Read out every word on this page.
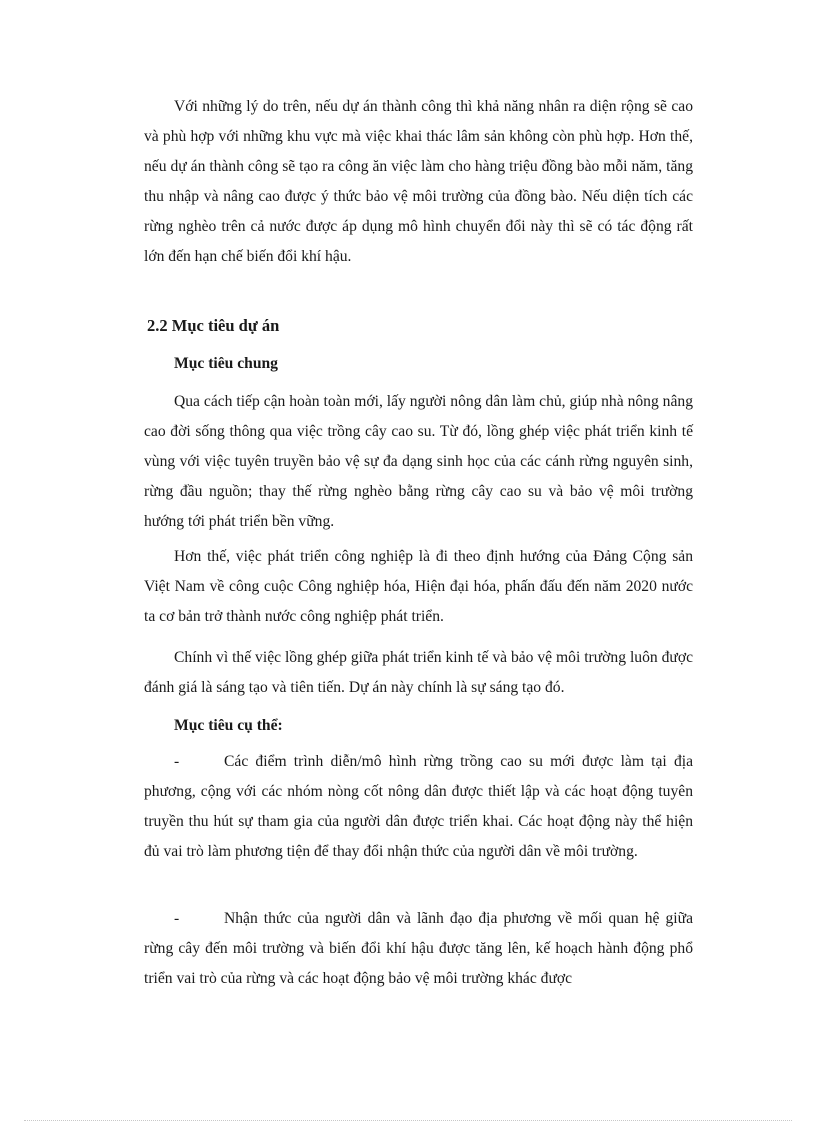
Với những lý do trên, nếu dự án thành công thì khả năng nhân ra diện rộng sẽ cao và phù hợp với những khu vực mà việc khai thác lâm sản không còn phù hợp. Hơn thế, nếu dự án thành công sẽ tạo ra công ăn việc làm cho hàng triệu đồng bào mỗi năm, tăng thu nhập và nâng cao được ý thức bảo vệ môi trường của đồng bào. Nếu diện tích các rừng nghèo trên cả nước được áp dụng mô hình chuyển đổi này thì sẽ có tác động rất lớn đến hạn chế biến đổi khí hậu.

2.2 Mục tiêu dự án
Mục tiêu chung

Qua cách tiếp cận hoàn toàn mới, lấy người nông dân làm chủ, giúp nhà nông nâng cao đời sống thông qua việc trồng cây cao su. Từ đó, lồng ghép việc phát triển kinh tế vùng với việc tuyên truyền bảo vệ sự đa dạng sinh học của các cánh rừng nguyên sinh, rừng đầu nguồn; thay thế rừng nghèo bằng rừng cây cao su và bảo vệ môi trường hướng tới phát triển bền vững.

Hơn thế, việc phát triển công nghiệp là đi theo định hướng của Đảng Cộng sản Việt Nam về công cuộc Công nghiệp hóa, Hiện đại hóa, phấn đấu đến năm 2020 nước ta cơ bản trở thành nước công nghiệp phát triển.

Chính vì thế việc lồng ghép giữa phát triển kinh tế và bảo vệ môi trường luôn được đánh giá là sáng tạo và tiên tiến. Dự án này chính là sự sáng tạo đó.

Mục tiêu cụ thể:

-	Các điểm trình diễn/mô hình rừng trồng cao su mới được làm tại địa phương, cộng với các nhóm nòng cốt nông dân được thiết lập và các hoạt động tuyên truyền thu hút sự tham gia của người dân được triển khai. Các hoạt động này thể hiện đủ vai trò làm phương tiện để thay đổi nhận thức của người dân về môi trường.

-	Nhận thức của người dân và lãnh đạo địa phương về mối quan hệ giữa rừng cây đến môi trường và biến đổi khí hậu được tăng lên, kế hoạch hành động phổ triển vai trò của rừng và các hoạt động bảo vệ môi trường khác được
